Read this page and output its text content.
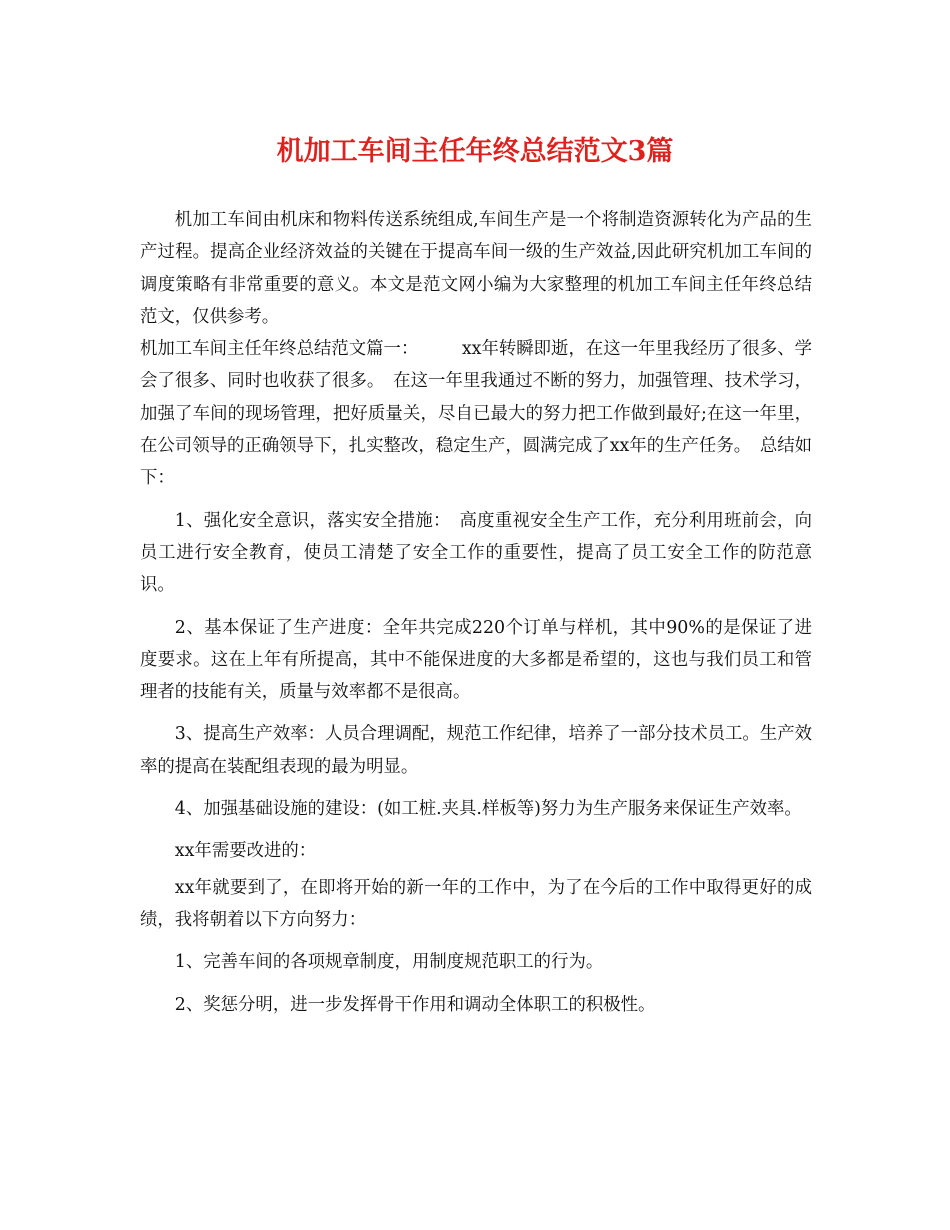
机加工车间主任年终总结范文3篇

机加工车间由机床和物料传送系统组成,车间生产是一个将制造资源转化为产品的生产过程。提高企业经济效益的关键在于提高车间一级的生产效益,因此研究机加工车间的调度策略有非常重要的意义。本文是范文网小编为大家整理的机加工车间主任年终总结范文，仅供参考。

机加工车间主任年终总结范文篇一：　　　xx年转瞬即逝，在这一年里我经历了很多、学会了很多、同时也收获了很多。　在这一年里我通过不断的努力，加强管理、技术学习，加强了车间的现场管理，把好质量关，尽自已最大的努力把工作做到最好;在这一年里，在公司领导的正确领导下，扎实整改，稳定生产，圆满完成了xx年的生产任务。　总结如下：

1、强化安全意识，落实安全措施：　高度重视安全生产工作，充分利用班前会，向员工进行安全教育，使员工清楚了安全工作的重要性，提高了员工安全工作的防范意识。

2、基本保证了生产进度：全年共完成220个订单与样机，其中90%的是保证了进度要求。这在上年有所提高，其中不能保进度的大多都是希望的，这也与我们员工和管理者的技能有关，质量与效率都不是很高。

3、提高生产效率：人员合理调配，规范工作纪律，培养了一部分技术员工。生产效率的提高在装配组表现的最为明显。

4、加强基础设施的建设：(如工桩.夹具.样板等)努力为生产服务来保证生产效率。

xx年需要改进的：

xx年就要到了，在即将开始的新一年的工作中，为了在今后的工作中取得更好的成绩，我将朝着以下方向努力：

1、完善车间的各项规章制度，用制度规范职工的行为。

2、奖惩分明，进一步发挥骨干作用和调动全体职工的积极性。
